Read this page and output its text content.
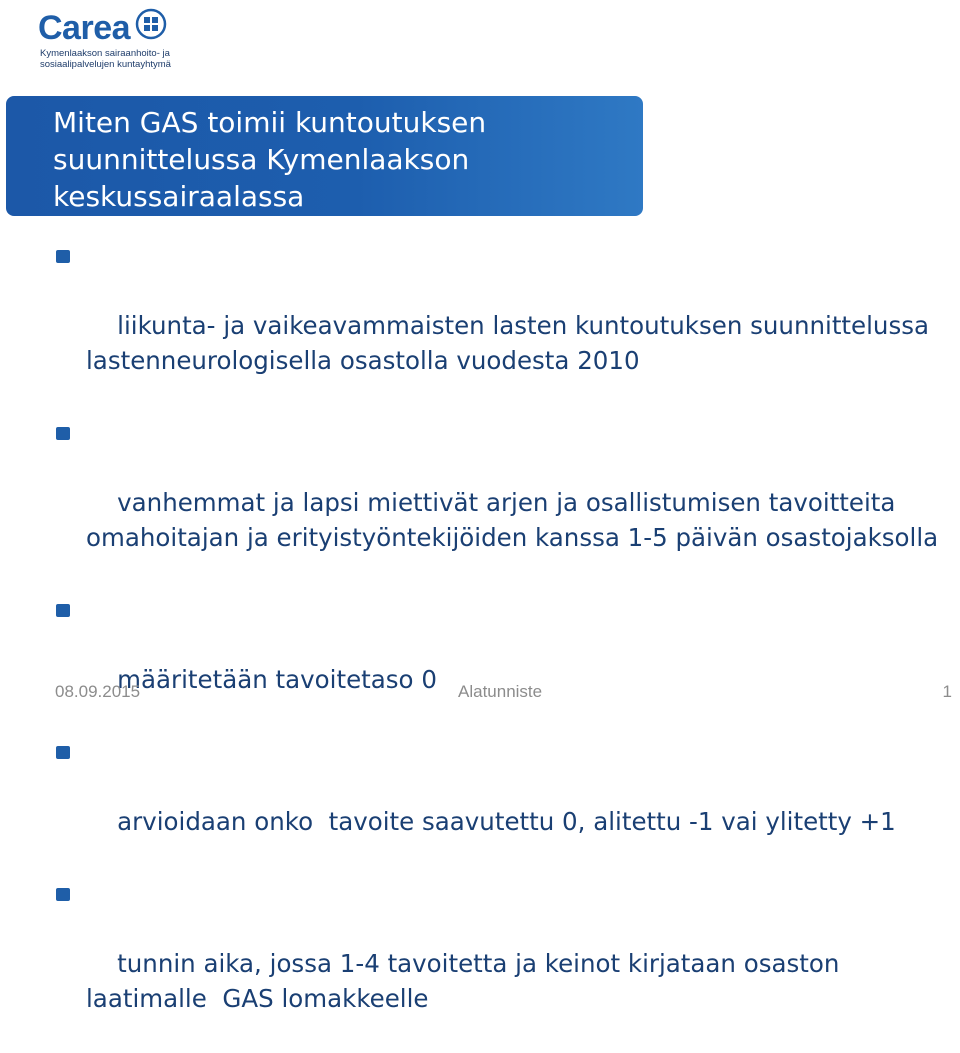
Carea
Kymenlaakson sairaanhoito- ja
sosiaalipalvelujen kuntayhtymä
Miten GAS toimii kuntoutuksen suunnittelussa Kymenlaakson keskussairaalassa

liikunta- ja vaikeavammaisten lasten kuntoutuksen suunnittelussa lastenneurologisella osastolla vuodesta 2010

vanhemmat ja lapsi miettivät arjen ja osallistumisen tavoitteita omahoitajan ja erityistyöntekijöiden kanssa 1-5 päivän osastojaksolla

määritetään tavoitetaso 0

arvioidaan onko  tavoite saavutettu 0, alitettu -1 vai ylitetty +1

tunnin aika, jossa 1-4 tavoitetta ja keinot kirjataan osaston laatimalle  GAS lomakkeelle

08.09.2015	Alatunniste	1
